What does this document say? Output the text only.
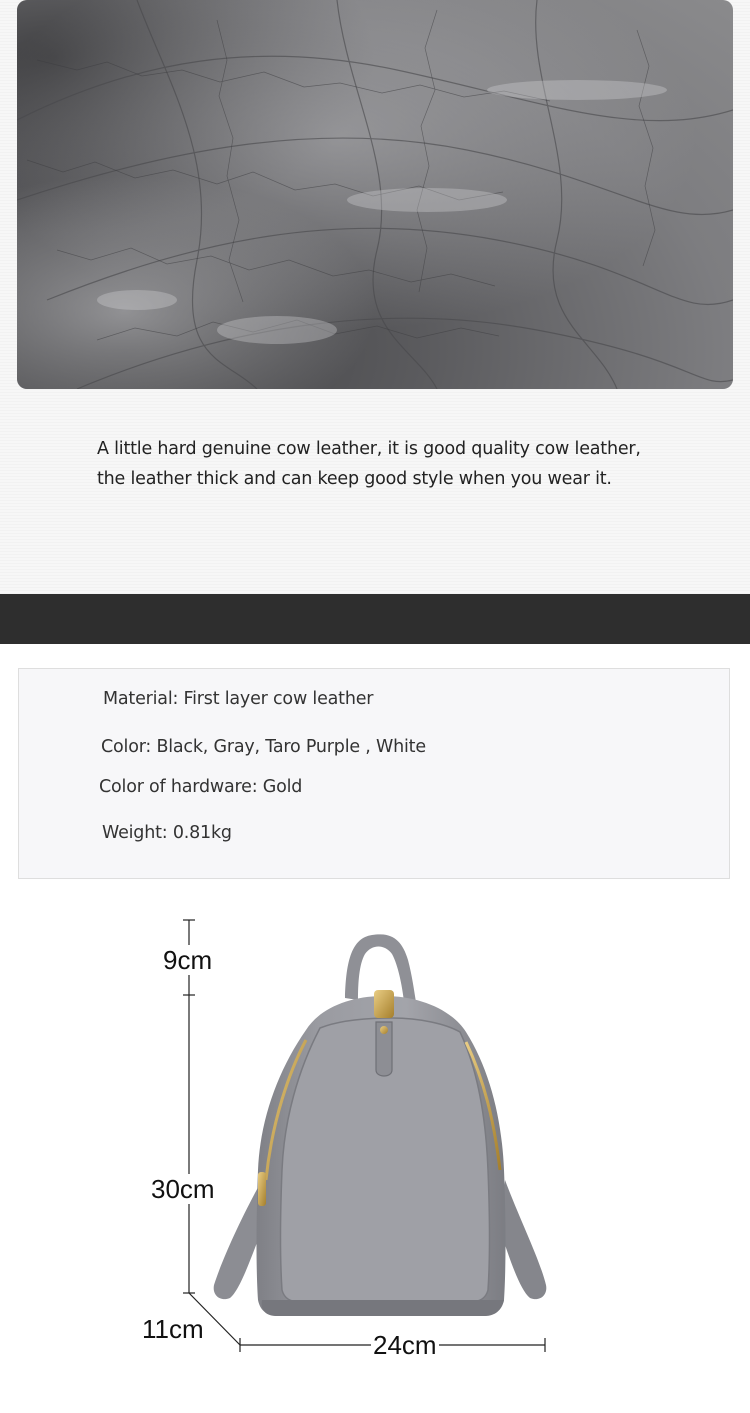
A little hard genuine cow leather, it is good quality cow leather,

the leather thick and can keep good style when you wear it.

Material: First layer cow leather
Color: Black, Gray, Taro Purple , White
Color of hardware: Gold
Weight: 0.81kg
9cm
30cm
11cm
24cm
